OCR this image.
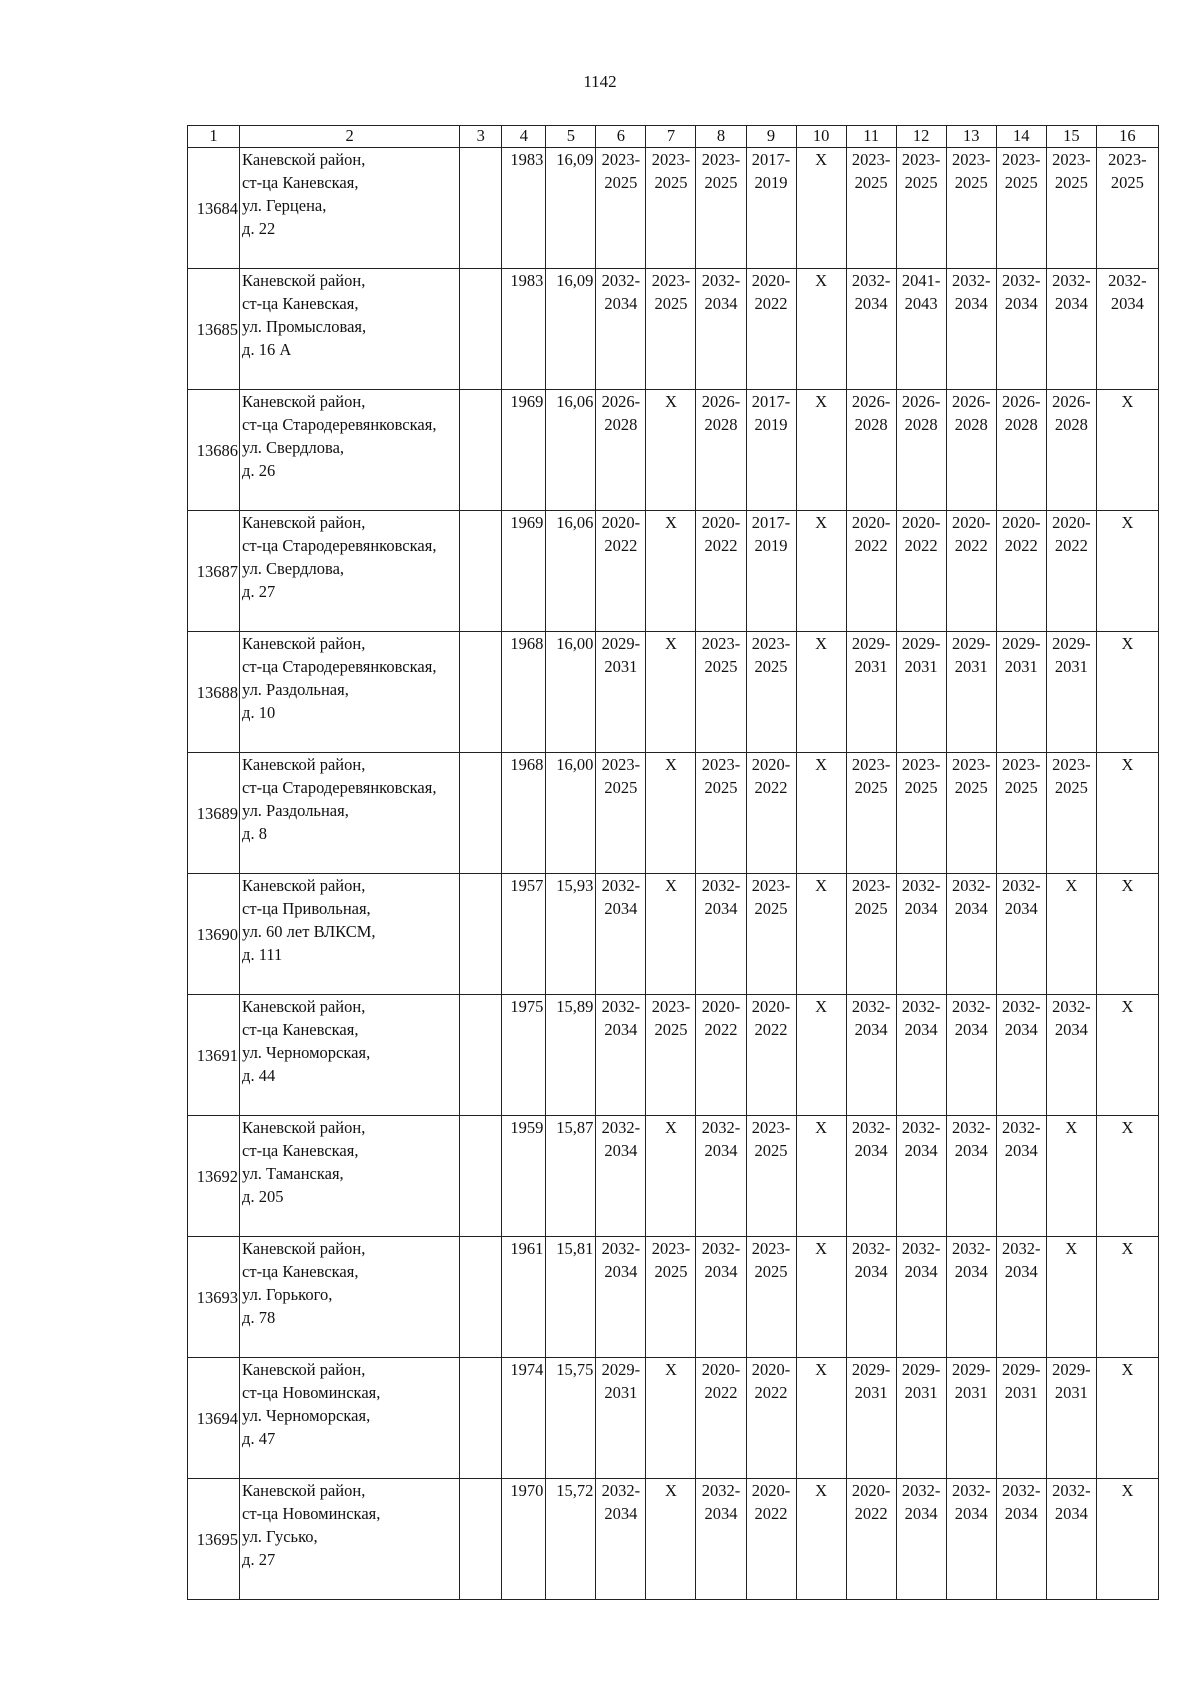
1142
1	2	3	4	5	6	7	8	9	10	11	12	13	14	15	16
13684	Каневской район,
ст-ца Каневская,
ул. Герцена,
д. 22		1983	16,09	2023-
2025	2023-
2025	2023-
2025	2017-
2019	X	2023-
2025	2023-
2025	2023-
2025	2023-
2025	2023-
2025	2023-
2025

13685	Каневской район,
ст-ца Каневская,
ул. Промысловая,
д. 16 А		1983	16,09	2032-
2034	2023-
2025	2032-
2034	2020-
2022	X	2032-
2034	2041-
2043	2032-
2034	2032-
2034	2032-
2034	2032-
2034

13686	Каневской район,
ст-ца Стародеревянковская,
ул. Свердлова,
д. 26		1969	16,06	2026-
2028	X	2026-
2028	2017-
2019	X	2026-
2028	2026-
2028	2026-
2028	2026-
2028	2026-
2028	X

13687	Каневской район,
ст-ца Стародеревянковская,
ул. Свердлова,
д. 27		1969	16,06	2020-
2022	X	2020-
2022	2017-
2019	X	2020-
2022	2020-
2022	2020-
2022	2020-
2022	2020-
2022	X

13688	Каневской район,
ст-ца Стародеревянковская,
ул. Раздольная,
д. 10		1968	16,00	2029-
2031	X	2023-
2025	2023-
2025	X	2029-
2031	2029-
2031	2029-
2031	2029-
2031	2029-
2031	X

13689	Каневской район,
ст-ца Стародеревянковская,
ул. Раздольная,
д. 8		1968	16,00	2023-
2025	X	2023-
2025	2020-
2022	X	2023-
2025	2023-
2025	2023-
2025	2023-
2025	2023-
2025	X

13690	Каневской район,
ст-ца Привольная,
ул. 60 лет ВЛКСМ,
д. 111		1957	15,93	2032-
2034	X	2032-
2034	2023-
2025	X	2023-
2025	2032-
2034	2032-
2034	2032-
2034	X	X

13691	Каневской район,
ст-ца Каневская,
ул. Черноморская,
д. 44		1975	15,89	2032-
2034	2023-
2025	2020-
2022	2020-
2022	X	2032-
2034	2032-
2034	2032-
2034	2032-
2034	2032-
2034	X

13692	Каневской район,
ст-ца Каневская,
ул. Таманская,
д. 205		1959	15,87	2032-
2034	X	2032-
2034	2023-
2025	X	2032-
2034	2032-
2034	2032-
2034	2032-
2034	X	X

13693	Каневской район,
ст-ца Каневская,
ул. Горького,
д. 78		1961	15,81	2032-
2034	2023-
2025	2032-
2034	2023-
2025	X	2032-
2034	2032-
2034	2032-
2034	2032-
2034	X	X

13694	Каневской район,
ст-ца Новоминская,
ул. Черноморская,
д. 47		1974	15,75	2029-
2031	X	2020-
2022	2020-
2022	X	2029-
2031	2029-
2031	2029-
2031	2029-
2031	2029-
2031	X

13695	Каневской район,
ст-ца Новоминская,
ул. Гусько,
д. 27		1970	15,72	2032-
2034	X	2032-
2034	2020-
2022	X	2020-
2022	2032-
2034	2032-
2034	2032-
2034	2032-
2034	X
